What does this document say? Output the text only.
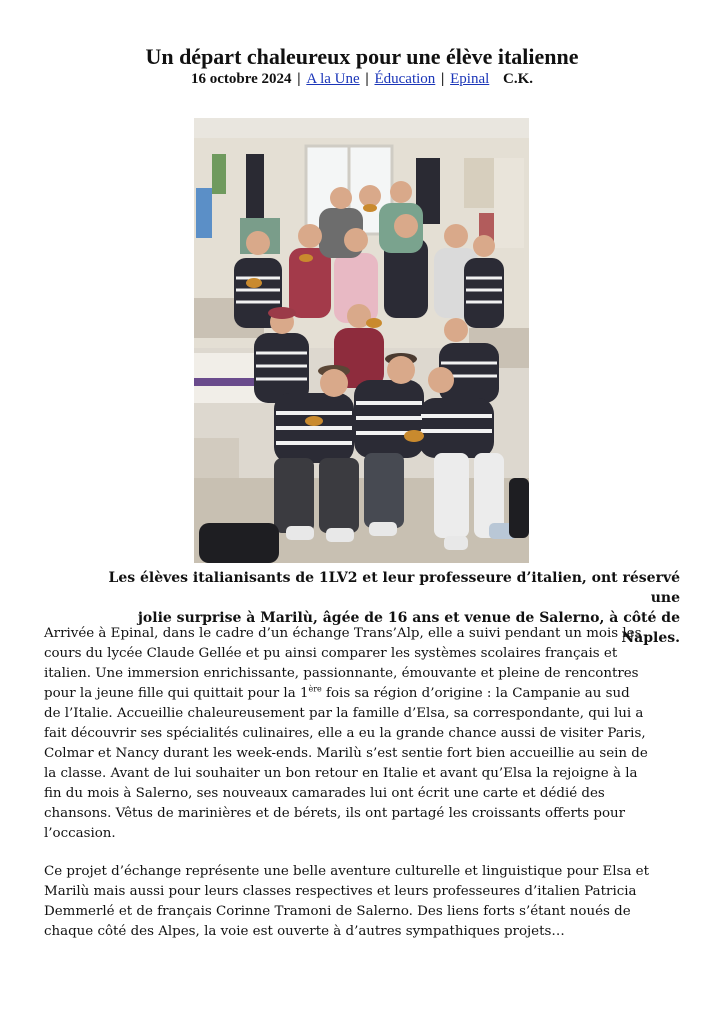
Un départ chaleureux pour une élève italienne
16 octobre 2024 | A la Une | Éducation | Epinal C.K.

Les élèves italianisants de 1LV2 et leur professeure d’italien, ont réservé une
jolie surprise à Marilù, âgée de 16 ans et venue de Salerno, à côté de Naples.

Arrivée à Epinal, dans le cadre d’un échange Trans’Alp, elle a suivi pendant un mois les
cours du lycée Claude Gellée et pu ainsi comparer les systèmes scolaires français et
italien. Une immersion enrichissante, passionnante, émouvante et pleine de rencontres
pour la jeune fille qui quittait pour la 1ère fois sa région d’origine : la Campanie au sud
de l’Italie. Accueillie chaleureusement par la famille d’Elsa, sa correspondante, qui lui a
fait découvrir ses spécialités culinaires, elle a eu la grande chance aussi de visiter Paris,
Colmar et Nancy durant les week-ends. Marilù s’est sentie fort bien accueillie au sein de
la classe. Avant de lui souhaiter un bon retour en Italie et avant qu’Elsa la rejoigne à la
fin du mois à Salerno, ses nouveaux camarades lui ont écrit une carte et dédié des
chansons. Vêtus de marinières et de bérets, ils ont partagé les croissants offerts pour
l’occasion.

Ce projet d’échange représente une belle aventure culturelle et linguistique pour Elsa et
Marilù mais aussi pour leurs classes respectives et leurs professeures d’italien Patricia
Demmerlé et de français Corinne Tramoni de Salerno. Des liens forts s’étant noués de
chaque côté des Alpes, la voie est ouverte à d’autres sympathiques projets…
